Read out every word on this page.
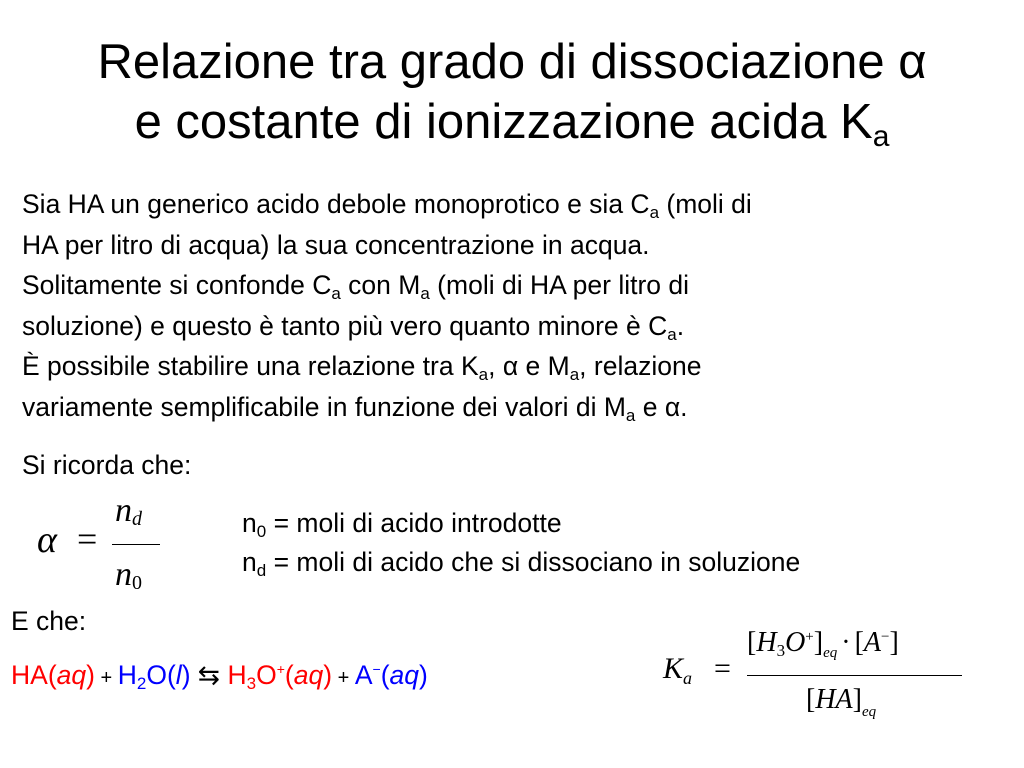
Relazione tra grado di dissociazione α
e costante di ionizzazione acida $K_a$
Sia HA un generico acido debole monoprotico e sia $C_a$ (moli di
HA per litro di acqua) la sua concentrazione in acqua.
Solitamente si confonde $C_a$ con $M_a$ (moli di HA per litro di
soluzione) e questo è tanto più vero quanto minore è $C_a$.
È possibile stabilire una relazione tra $K_a$, α e $M_a$, relazione
variamente semplificabile in funzione dei valori di $M_a$ e α.
Si ricorda che:
α =
$n_d$
$n_0$
$n_0$ = moli di acido introdotte
$n_d$ = moli di acido che si dissociano in soluzione
E che:
$HA(aq) + H_2O(l)$ ⇆ $H_3O^+(aq) + A^-(aq)$	$K_a$ =
$[H_3O^+]_{eq} \cdot [A^-]$
$[HA]_{eq}$
